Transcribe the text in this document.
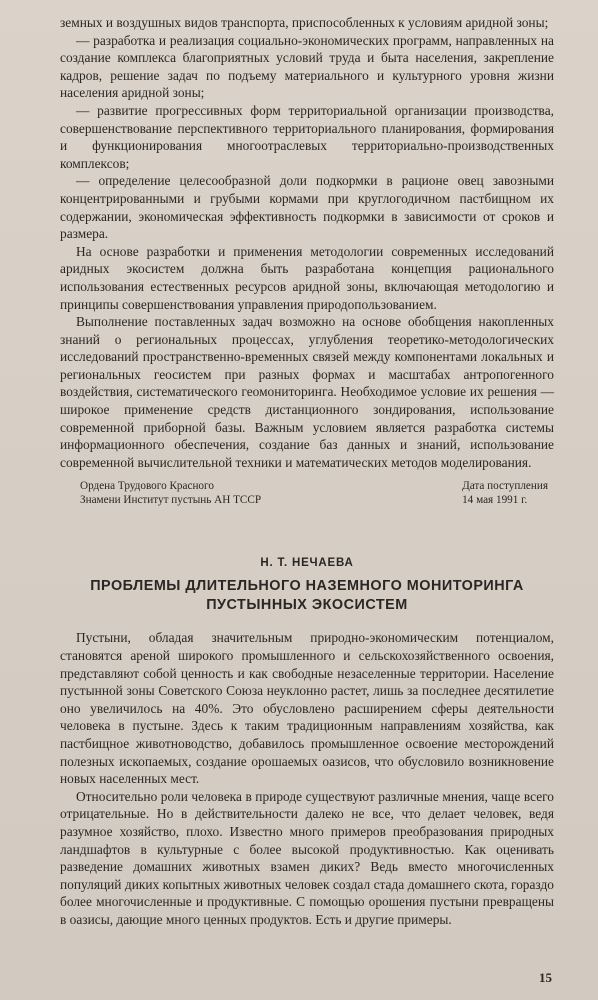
земных и воздушных видов транспорта, приспособленных к условиям аридной зоны;

— разработка и реализация социально-экономических программ, направленных на создание комплекса благоприятных условий труда и быта населения, закрепление кадров, решение задач по подъему материального и культурного уровня жизни населения аридной зоны;

— развитие прогрессивных форм территориальной организации производства, совершенствование перспективного территориального планирования, формирования и функционирования многоотраслевых территориально-производственных комплексов;

— определение целесообразной доли подкормки в рационе овец завозными концентрированными и грубыми кормами при круглогодичном пастбищном их содержании, экономическая эффективность подкормки в зависимости от сроков и размера.

На основе разработки и применения методологии современных исследований аридных экосистем должна быть разработана концепция рационального использования естественных ресурсов аридной зоны, включающая методологию и принципы совершенствования управления природопользованием.

Выполнение поставленных задач возможно на основе обобщения накопленных знаний о региональных процессах, углубления теоретико-методологических исследований пространственно-временных связей между компонентами локальных и региональных геосистем при разных формах и масштабах антропогенного воздействия, систематического геомониторинга. Необходимое условие их решения — широкое применение средств дистанционного зондирования, использование современной приборной базы. Важным условием является разработка системы информационного обеспечения, создание баз данных и знаний, использование современной вычислительной техники и математических методов моделирования.

Ордена Трудового Красного
Знамени Институт пустынь АН ТССР
Дата поступления
14 мая 1991 г.
Н. Т. НЕЧАЕВА
ПРОБЛЕМЫ ДЛИТЕЛЬНОГО НАЗЕМНОГО МОНИТОРИНГА
ПУСТЫННЫХ ЭКОСИСТЕМ

Пустыни, обладая значительным природно-экономическим потенциалом, становятся ареной широкого промышленного и сельскохозяйственного освоения, представляют собой ценность и как свободные незаселенные территории. Население пустынной зоны Советского Союза неуклонно растет, лишь за последнее десятилетие оно увеличилось на 40%. Это обусловлено расширением сферы деятельности человека в пустыне. Здесь к таким традиционным направлениям хозяйства, как пастбищное животноводство, добавилось промышленное освоение месторождений полезных ископаемых, создание орошаемых оазисов, что обусловило возникновение новых населенных мест.

Относительно роли человека в природе существуют различные мнения, чаще всего отрицательные. Но в действительности далеко не все, что делает человек, ведя разумное хозяйство, плохо. Известно много примеров преобразования природных ландшафтов в культурные с более высокой продуктивностью. Как оценивать разведение домашних животных взамен диких? Ведь вместо многочисленных популяций диких копытных животных человек создал стада домашнего скота, гораздо более многочисленные и продуктивные. С помощью орошения пустыни превращены в оазисы, дающие много ценных продуктов. Есть и другие примеры.

15
